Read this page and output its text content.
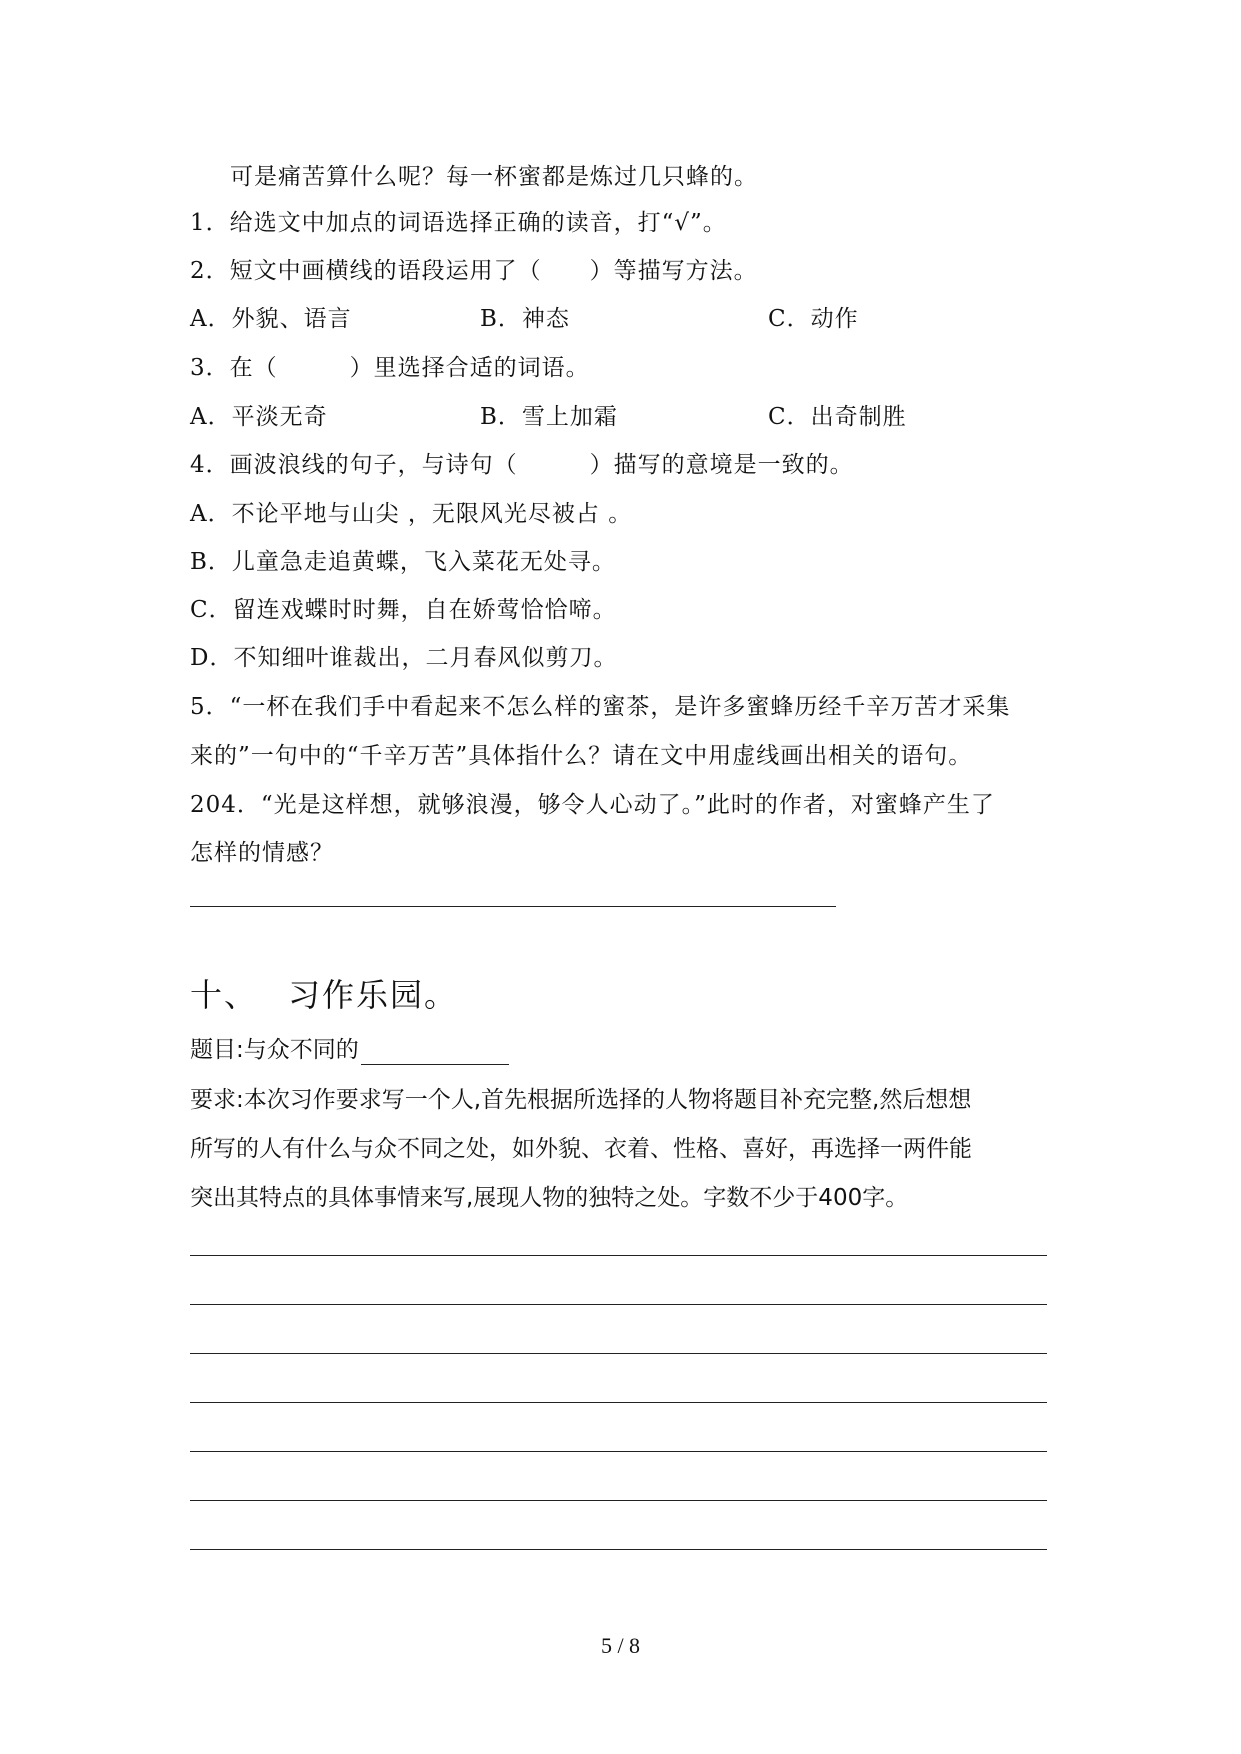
可是痛苦算什么呢？每一杯蜜都是炼过几只蜂的。
1．给选文中加点的词语选择正确的读音，打“√”。
2．短文中画横线的语段运用了（　　）等描写方法。
A．外貌、语言	B．神态	C．动作
3．在（　　　）里选择合适的词语。
A．平淡无奇	B．雪上加霜	C．出奇制胜
4．画波浪线的句子，与诗句（　　　）描写的意境是一致的。
A．不论平地与山尖 ，无限风光尽被占 。
B．儿童急走追黄蝶，飞入菜花无处寻。
C．留连戏蝶时时舞，自在娇莺恰恰啼。
D．不知细叶谁裁出，二月春风似剪刀。
5．“一杯在我们手中看起来不怎么样的蜜茶，是许多蜜蜂历经千辛万苦才采集
来的”一句中的“千辛万苦”具体指什么？请在文中用虚线画出相关的语句。
204．“光是这样想，就够浪漫，够令人心动了。”此时的作者，对蜜蜂产生了
怎样的情感？
十、 习作乐园。
题目:与众不同的
要求:本次习作要求写一个人,首先根据所选择的人物将题目补充完整,然后想想
所写的人有什么与众不同之处，如外貌、衣着、性格、喜好，再选择一两件能
突出其特点的具体事情来写,展现人物的独特之处。字数不少于400字。
5 / 8
